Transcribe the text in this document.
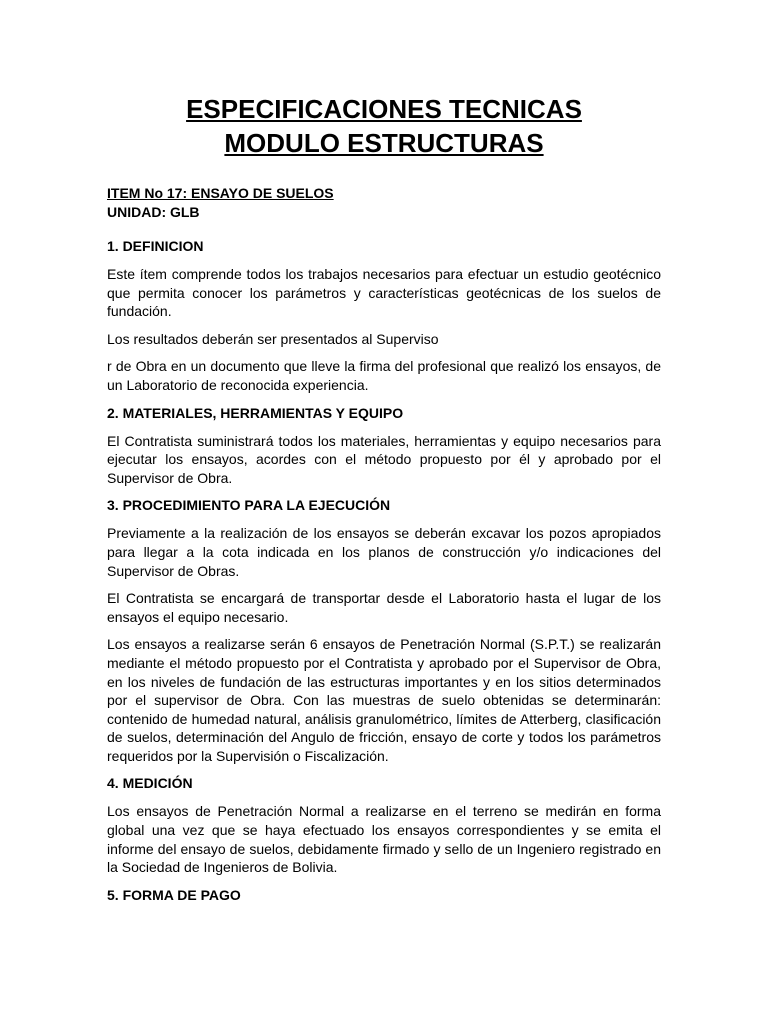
ESPECIFICACIONES TECNICAS
MODULO ESTRUCTURAS
ITEM No 17: ENSAYO DE SUELOS
UNIDAD: GLB
1. DEFINICION

Este ítem comprende todos los trabajos necesarios para efectuar un estudio geotécnico que permita conocer los parámetros y características geotécnicas de los suelos de fundación.

Los resultados deberán ser presentados al Superviso

r de Obra en un documento que lleve la firma del profesional que realizó los ensayos, de un Laboratorio de reconocida experiencia.

2. MATERIALES, HERRAMIENTAS Y EQUIPO

El Contratista suministrará todos los materiales, herramientas y equipo necesarios para ejecutar los ensayos, acordes con el método propuesto por él y aprobado por el Supervisor de Obra.

3. PROCEDIMIENTO PARA LA EJECUCIÓN

Previamente a la realización de los ensayos se deberán excavar los pozos apropiados para llegar a la cota indicada en los planos de construcción y/o indicaciones del Supervisor de Obras.

El Contratista se encargará de transportar desde el Laboratorio hasta el lugar de los ensayos el equipo necesario.

Los ensayos a realizarse serán 6 ensayos de Penetración Normal (S.P.T.) se realizarán mediante el método propuesto por el Contratista y aprobado por el Supervisor de Obra, en los niveles de fundación de las estructuras importantes y en los sitios determinados por el supervisor de Obra. Con las muestras de suelo obtenidas se determinarán: contenido de humedad natural, análisis granulométrico, límites de Atterberg, clasificación de suelos, determinación del Angulo de fricción, ensayo de corte y todos los parámetros requeridos por la Supervisión o Fiscalización.

4. MEDICIÓN

Los ensayos de Penetración Normal a realizarse en el terreno se medirán en forma global una vez que se haya efectuado los ensayos correspondientes y se emita el informe del ensayo de suelos, debidamente firmado y sello de un Ingeniero registrado en la Sociedad de Ingenieros de Bolivia.

5. FORMA DE PAGO
